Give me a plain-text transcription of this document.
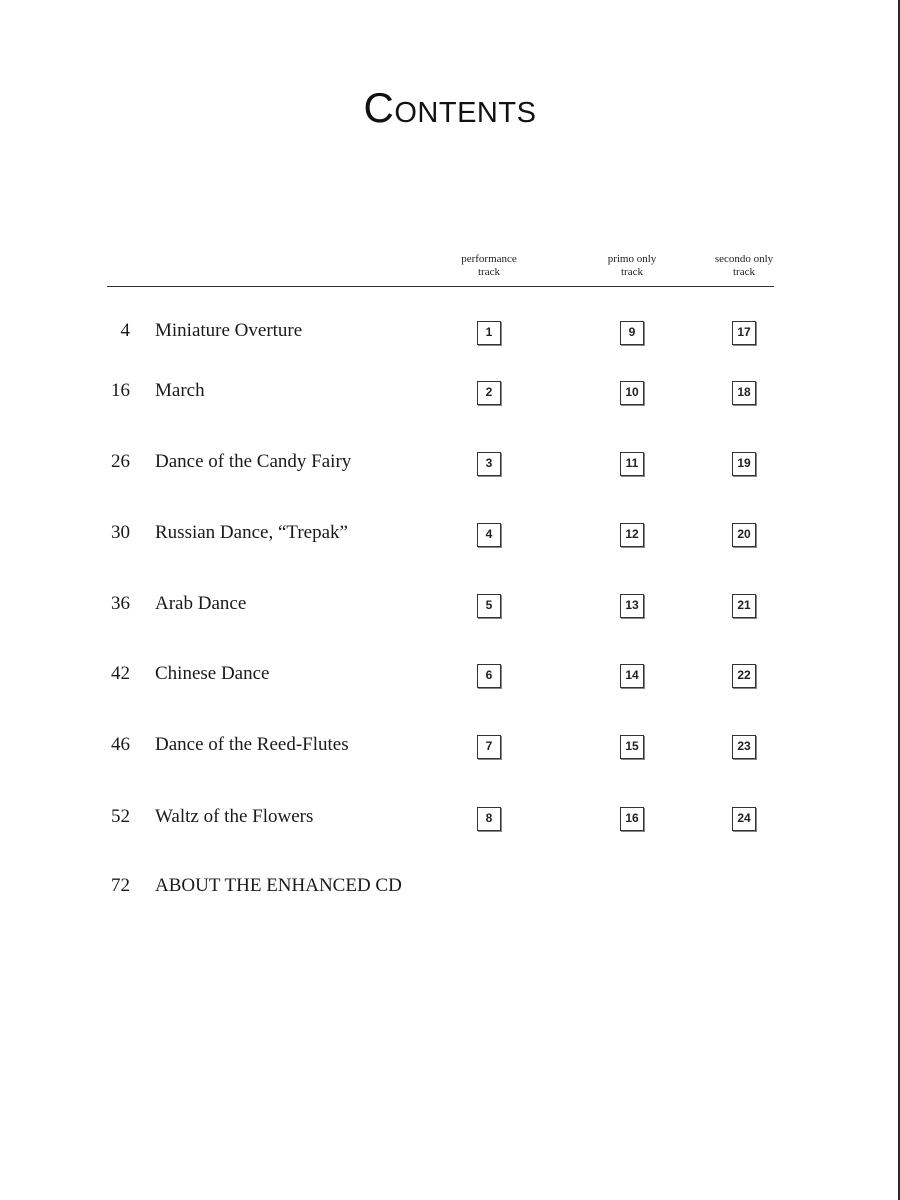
Contents
performance
track
primo only
track
secondo only
track
4 Miniature Overture	1	9	17
16 March	2	10	18
26 Dance of the Candy Fairy	3	11	19
30 Russian Dance, “Trepak”	4	12	20
36 Arab Dance	5	13	21
42 Chinese Dance	6	14	22
46 Dance of the Reed-Flutes	7	15	23
52 Waltz of the Flowers	8	16	24
72 ABOUT THE ENHANCED CD
